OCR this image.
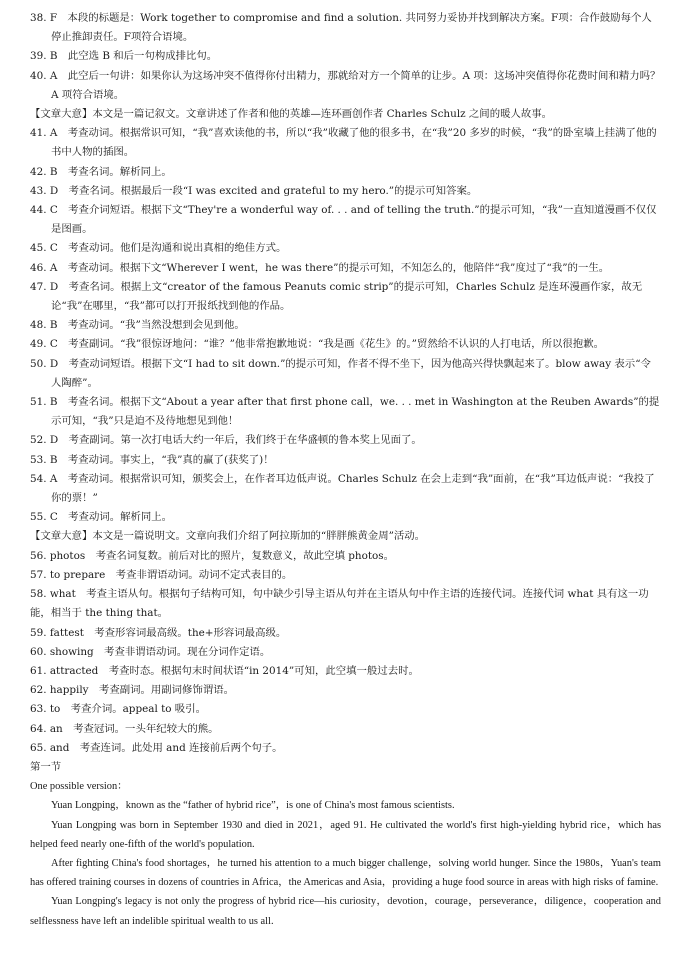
38. F　本段的标题是：Work together to compromise and find a solution. 共同努力妥协并找到解决方案。F项：合作鼓励每个人停止推卸责任。F项符合语境。

39. B　此空选 B 和后一句构成排比句。

40. A　此空后一句讲：如果你认为这场冲突不值得你付出精力，那就给对方一个简单的让步。A 项：这场冲突值得你花费时间和精力吗？A 项符合语境。

【文章大意】本文是一篇记叙文。文章讲述了作者和他的英雄—连环画创作者 Charles Schulz 之间的暖人故事。

41. A　考查动词。根据常识可知，“我”喜欢读他的书，所以“我”收藏了他的很多书，在“我”20 多岁的时候，“我”的卧室墙上挂满了他的书中人物的插图。

42. B　考查名词。解析同上。

43. D　考查名词。根据最后一段“I was excited and grateful to my hero.”的提示可知答案。

44. C　考查介词短语。根据下文“They're a wonderful way of. . . and of telling the truth.”的提示可知，“我”一直知道漫画不仅仅是图画。

45. C　考查动词。他们是沟通和说出真相的绝佳方式。

46. A　考查动词。根据下文“Wherever I went，he was there”的提示可知，不知怎么的，他陪伴“我”度过了“我”的一生。

47. D　考查名词。根据上文“creator of the famous Peanuts comic strip”的提示可知，Charles Schulz 是连环漫画作家，故无论“我”在哪里，“我”都可以打开报纸找到他的作品。

48. B　考查动词。“我”当然没想到会见到他。

49. C　考查副词。“我”很惊讶地问：“谁？”他非常抱歉地说：“我是画《花生》的。”贸然给不认识的人打电话，所以很抱歉。

50. D　考查动词短语。根据下文“I had to sit down.”的提示可知，作者不得不坐下，因为他高兴得快飘起来了。blow away 表示“令人陶醉”。

51. B　考查名词。根据下文“About a year after that first phone call，we. . . met in Washington at the Reuben Awards”的提示可知，“我”只是迫不及待地想见到他！

52. D　考查副词。第一次打电话大约一年后，我们终于在华盛顿的鲁本奖上见面了。

53. B　考查动词。事实上，“我”真的赢了(获奖了)！

54. A　考查动词。根据常识可知，颁奖会上，在作者耳边低声说。Charles Schulz 在会上走到“我”面前，在“我”耳边低声说：“我投了你的票！”

55. C　考查动词。解析同上。

【文章大意】本文是一篇说明文。文章向我们介绍了阿拉斯加的“胖胖熊黄金周”活动。

56. photos　考查名词复数。前后对比的照片，复数意义，故此空填 photos。

57. to prepare　考查非谓语动词。动词不定式表目的。

58. what　考查主语从句。根据句子结构可知，句中缺少引导主语从句并在主语从句中作主语的连接代词。连接代词 what 具有这一功能，相当于 the thing that。

59. fattest　考查形容词最高级。the+形容词最高级。

60. showing　考查非谓语动词。现在分词作定语。

61. attracted　考查时态。根据句末时间状语“in 2014”可知，此空填一般过去时。

62. happily　考查副词。用副词修饰谓语。

63. to　考查介词。appeal to 吸引。

64. an　考查冠词。一头年纪较大的熊。

65. and　考查连词。此处用 and 连接前后两个句子。

第一节

One possible version：

Yuan Longping，known as the “father of hybrid rice”，is one of China's most famous scientists.

Yuan Longping was born in September 1930 and died in 2021，aged 91. He cultivated the world's first high-yielding hybrid rice，which has helped feed nearly one-fifth of the world's population.

After fighting China's food shortages，he turned his attention to a much bigger challenge，solving world hunger. Since the 1980s，Yuan's team has offered training courses in dozens of countries in Africa，the Americas and Asia，providing a huge food source in areas with high risks of famine.

Yuan Longping's legacy is not only the progress of hybrid rice—his curiosity，devotion，courage，perseverance，diligence，cooperation and selflessness have left an indelible spiritual wealth to us all.
